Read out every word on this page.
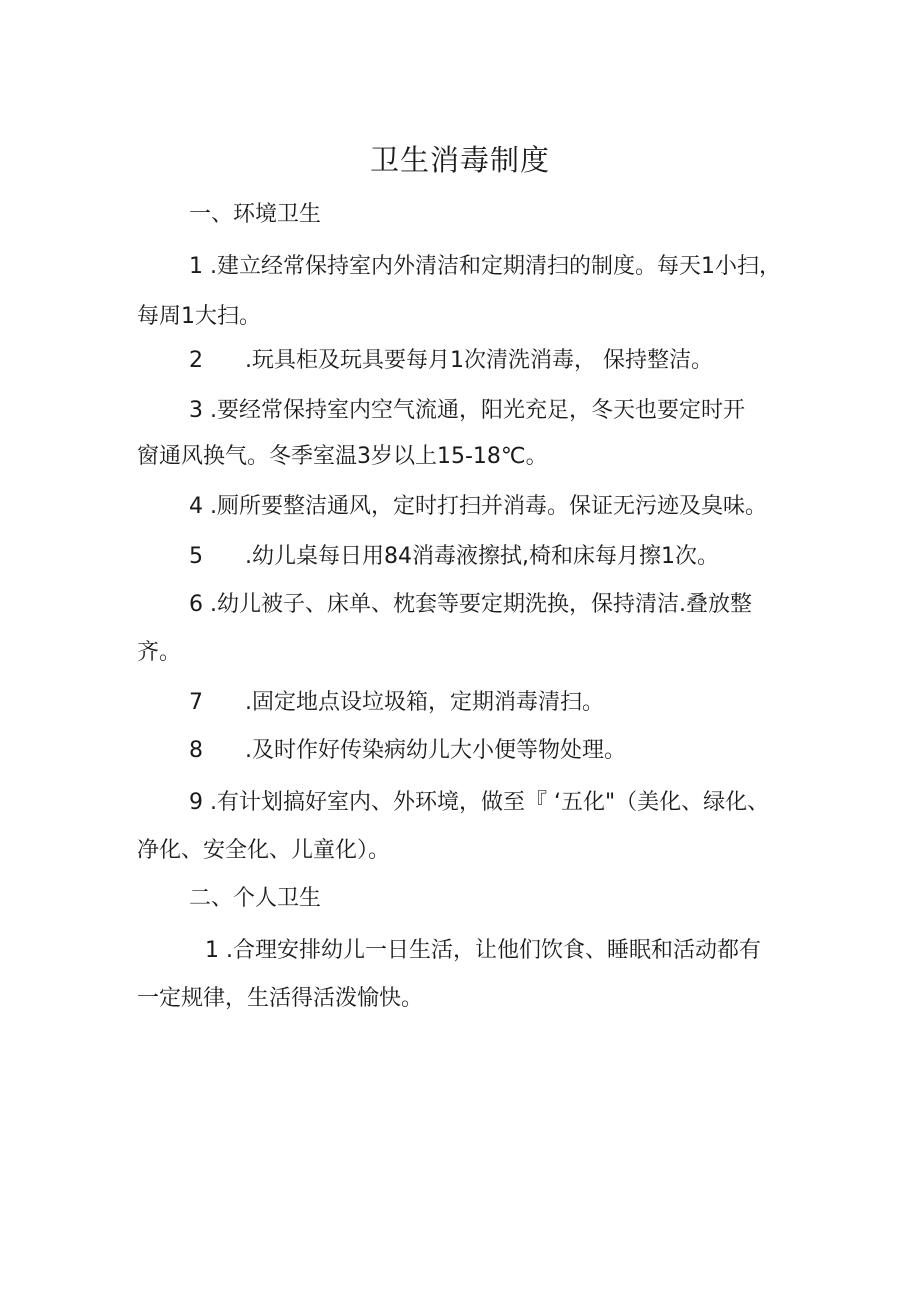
卫生消毒制度
一、环境卫生
1 .建立经常保持室内外清洁和定期清扫的制度。每天1小扫，
每周1大扫。
2 .玩具柜及玩具要每月1次清洗消毒， 保持整洁。
3 .要经常保持室内空气流通，阳光充足，冬天也要定时开
窗通风换气。冬季室温3岁以上15-18℃。
4 .厕所要整洁通风，定时打扫并消毒。保证无污迹及臭味。
5 .幼儿桌每日用84消毒液擦拭,椅和床每月擦1次。
6 .幼儿被子、床单、枕套等要定期洗换，保持清洁.叠放整
齐。
7 .固定地点设垃圾箱，定期消毒清扫。
8 .及时作好传染病幼儿大小便等物处理。
9 .有计划搞好室内、外环境，做至『 ‘五化"（美化、绿化、
净化、安全化、儿童化）。
二、个人卫生
1 .合理安排幼儿一日生活，让他们饮食、睡眠和活动都有
一定规律，生活得活泼愉快。
